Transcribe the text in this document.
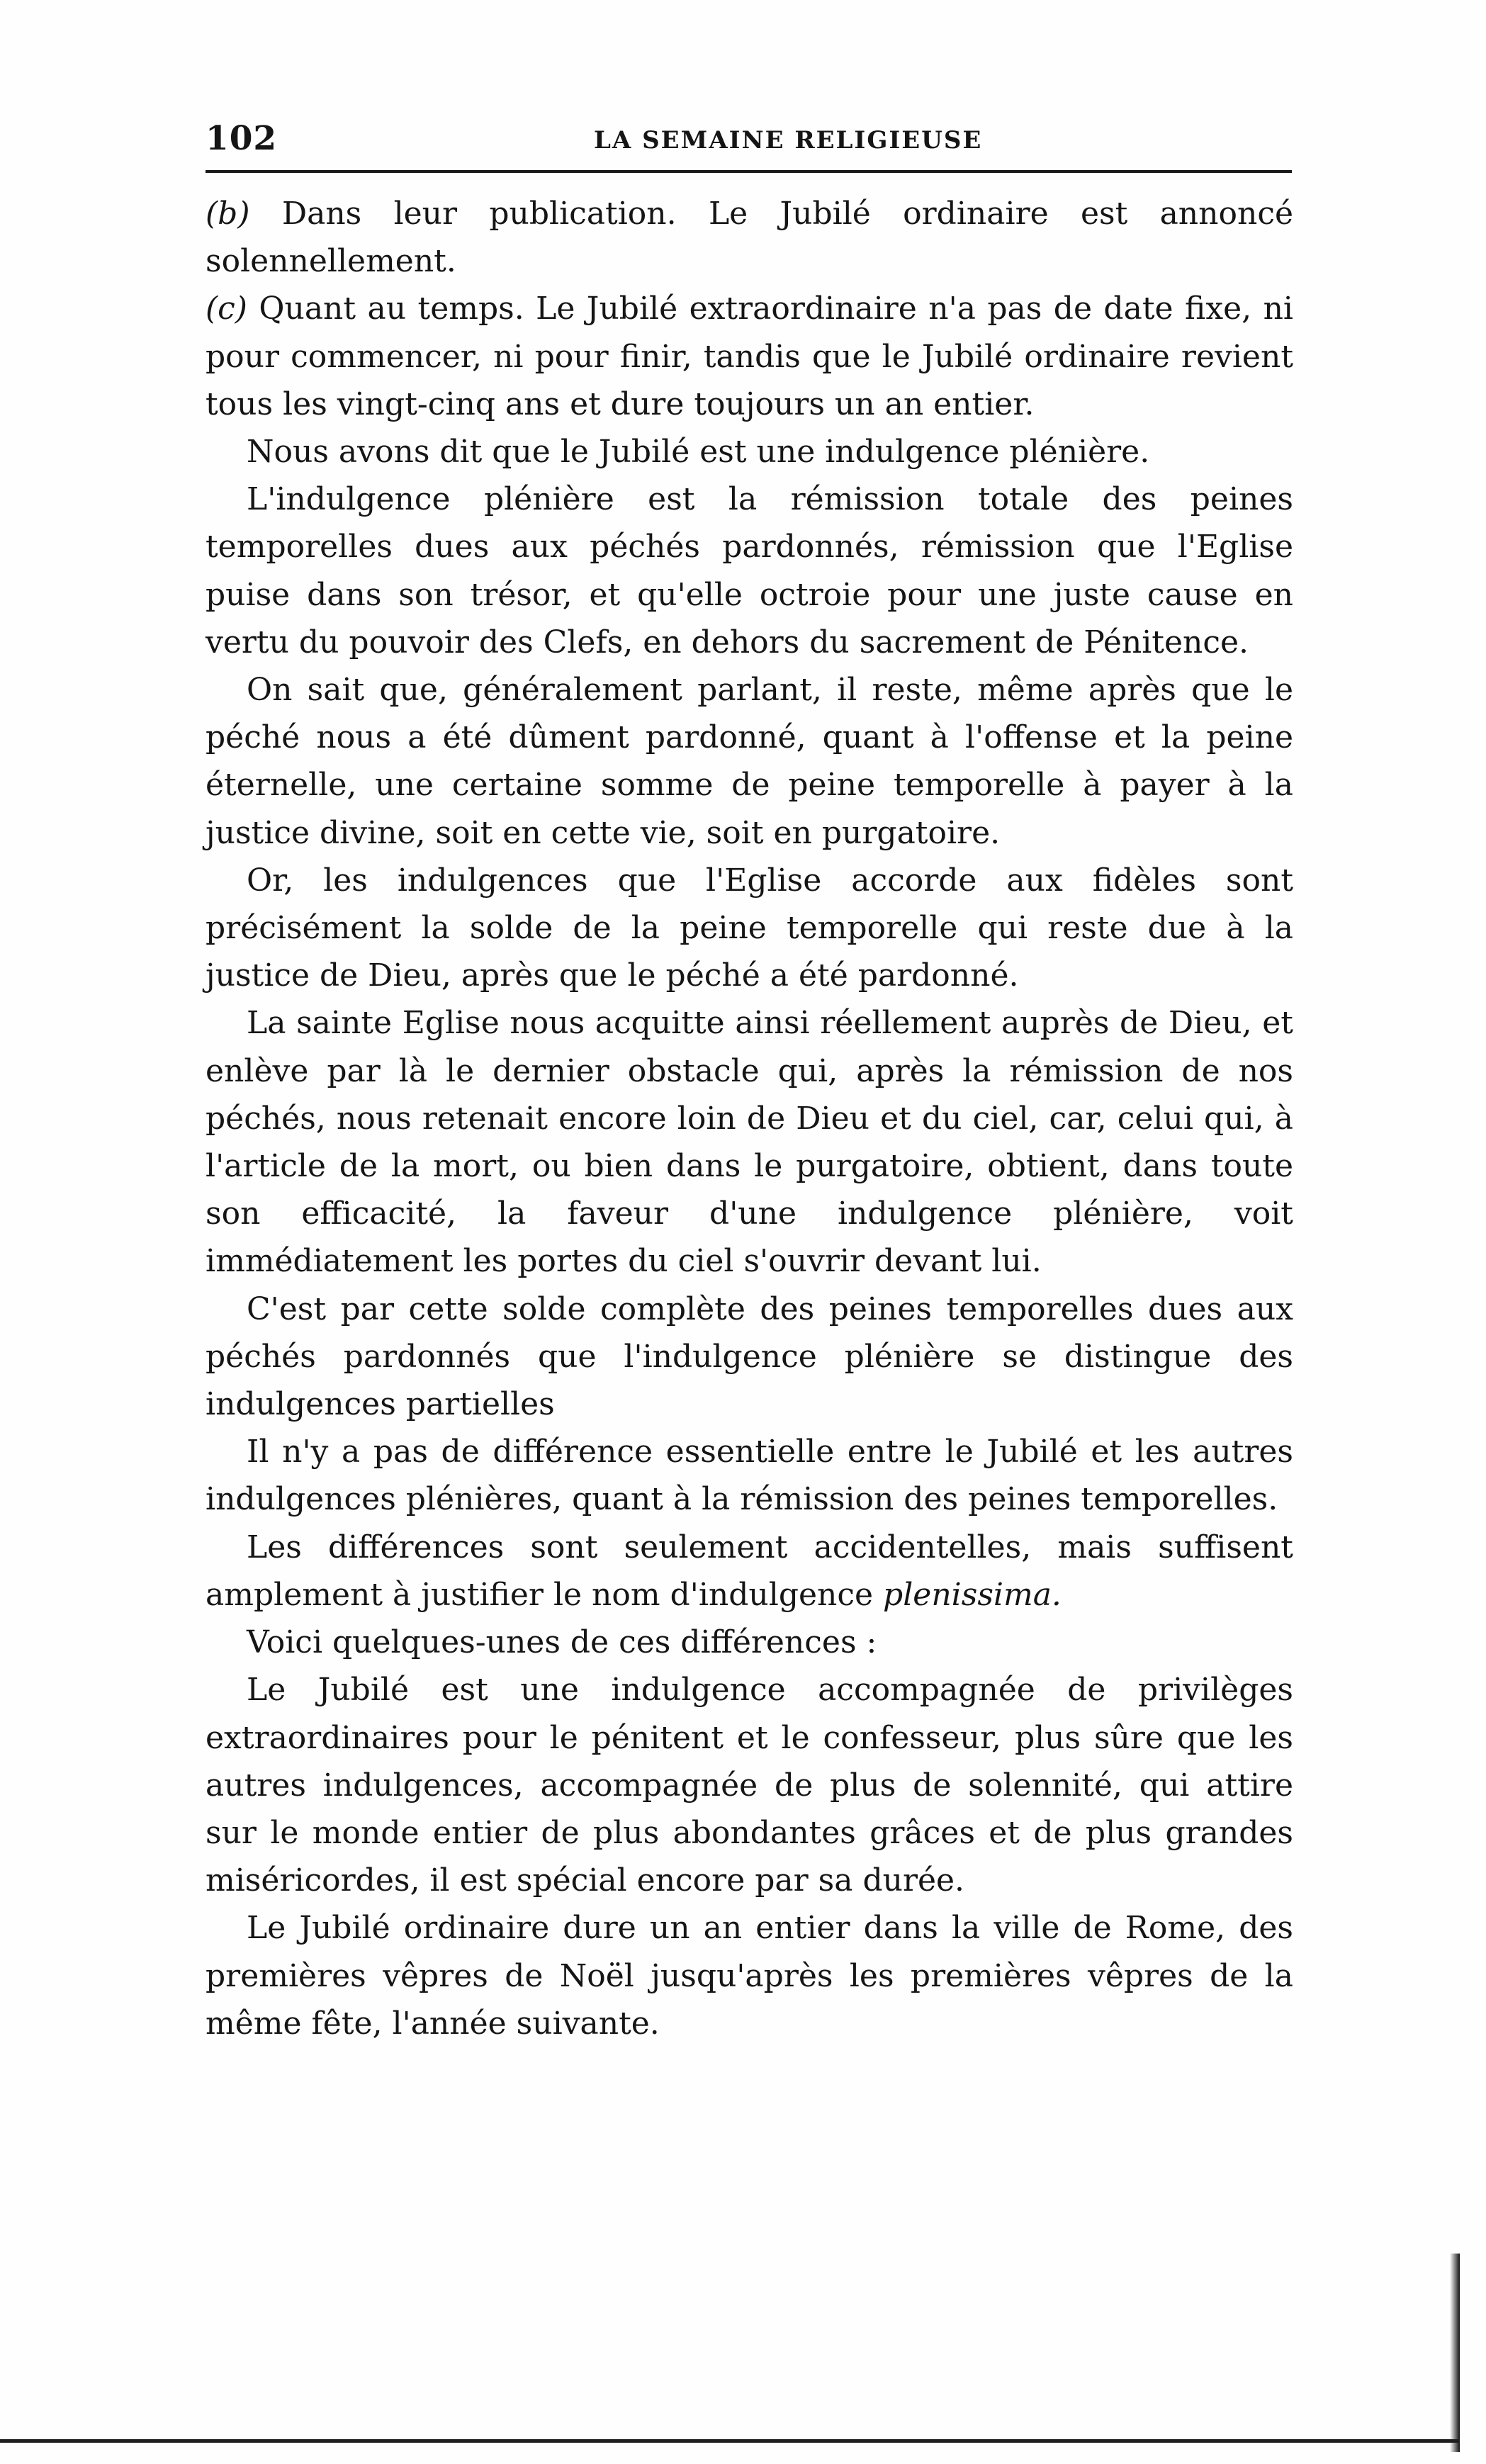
102	LA SEMAINE RELIGIEUSE

(b) Dans leur publication. Le Jubilé ordinaire est annoncé solennellement.

(c) Quant au temps. Le Jubilé extraordinaire n'a pas de date fixe, ni pour commencer, ni pour finir, tandis que le Jubilé ordinaire revient tous les vingt-cinq ans et dure toujours un an entier.

Nous avons dit que le Jubilé est une indulgence plénière.

L'indulgence plénière est la rémission totale des peines temporelles dues aux péchés pardonnés, rémission que l'Eglise puise dans son trésor, et qu'elle octroie pour une juste cause en vertu du pouvoir des Clefs, en dehors du sacrement de Pénitence.

On sait que, généralement parlant, il reste, même après que le péché nous a été dûment pardonné, quant à l'offense et la peine éternelle, une certaine somme de peine temporelle à payer à la justice divine, soit en cette vie, soit en purgatoire.

Or, les indulgences que l'Eglise accorde aux fidèles sont précisément la solde de la peine temporelle qui reste due à la justice de Dieu, après que le péché a été pardonné.

La sainte Eglise nous acquitte ainsi réellement auprès de Dieu, et enlève par là le dernier obstacle qui, après la rémission de nos péchés, nous retenait encore loin de Dieu et du ciel, car, celui qui, à l'article de la mort, ou bien dans le purgatoire, obtient, dans toute son efficacité, la faveur d'une indulgence plénière, voit immédiatement les portes du ciel s'ouvrir devant lui.

C'est par cette solde complète des peines temporelles dues aux péchés pardonnés que l'indulgence plénière se distingue des indulgences partielles

Il n'y a pas de différence essentielle entre le Jubilé et les autres indulgences plénières, quant à la rémission des peines temporelles.

Les différences sont seulement accidentelles, mais suffisent amplement à justifier le nom d'indulgence plenissima.

Voici quelques-unes de ces différences :

Le Jubilé est une indulgence accompagnée de privilèges extraordinaires pour le pénitent et le confesseur, plus sûre que les autres indulgences, accompagnée de plus de solennité, qui attire sur le monde entier de plus abondantes grâces et de plus grandes miséricordes, il est spécial encore par sa durée.

Le Jubilé ordinaire dure un an entier dans la ville de Rome, des premières vêpres de Noël jusqu'après les premières vêpres de la même fête, l'année suivante.
